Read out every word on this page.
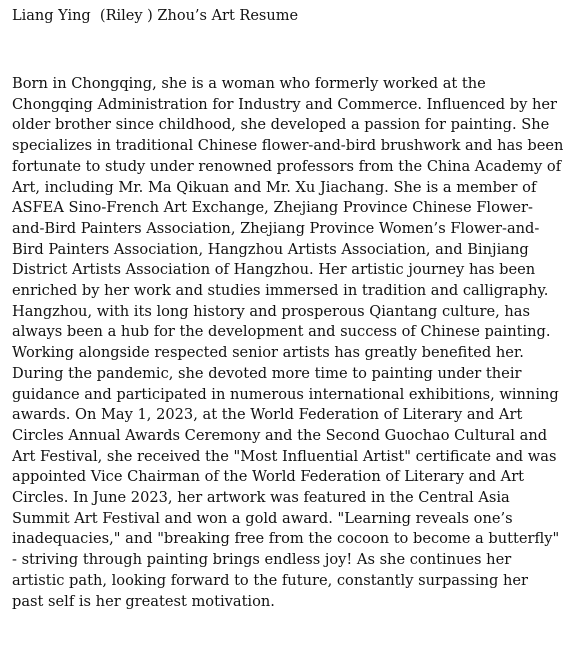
Liang Ying  (Riley ) Zhou’s Art Resume

Born in Chongqing, she is a woman who formerly worked at the Chongqing Administration for Industry and Commerce. Influenced by her older brother since childhood, she developed a passion for painting. She specializes in traditional Chinese flower-and-bird brushwork and has been fortunate to study under renowned professors from the China Academy of Art, including Mr. Ma Qikuan and Mr. Xu Jiachang. She is a member of ASFEA Sino-French Art Exchange, Zhejiang Province Chinese Flower-and-Bird Painters Association, Zhejiang Province Women’s Flower-and-Bird Painters Association, Hangzhou Artists Association, and Binjiang District Artists Association of Hangzhou. Her artistic journey has been enriched by her work and studies immersed in tradition and calligraphy. Hangzhou, with its long history and prosperous Qiantang culture, has always been a hub for the development and success of Chinese painting. Working alongside respected senior artists has greatly benefited her. During the pandemic, she devoted more time to painting under their guidance and participated in numerous international exhibitions, winning awards. On May 1, 2023, at the World Federation of Literary and Art Circles Annual Awards Ceremony and the Second Guochao Cultural and Art Festival, she received the "Most Influential Artist" certificate and was appointed Vice Chairman of the World Federation of Literary and Art Circles. In June 2023, her artwork was featured in the Central Asia Summit Art Festival and won a gold award. "Learning reveals one’s inadequacies," and "breaking free from the cocoon to become a butterfly" - striving through painting brings endless joy! As she continues her artistic path, looking forward to the future, constantly surpassing her past self is her greatest motivation.
